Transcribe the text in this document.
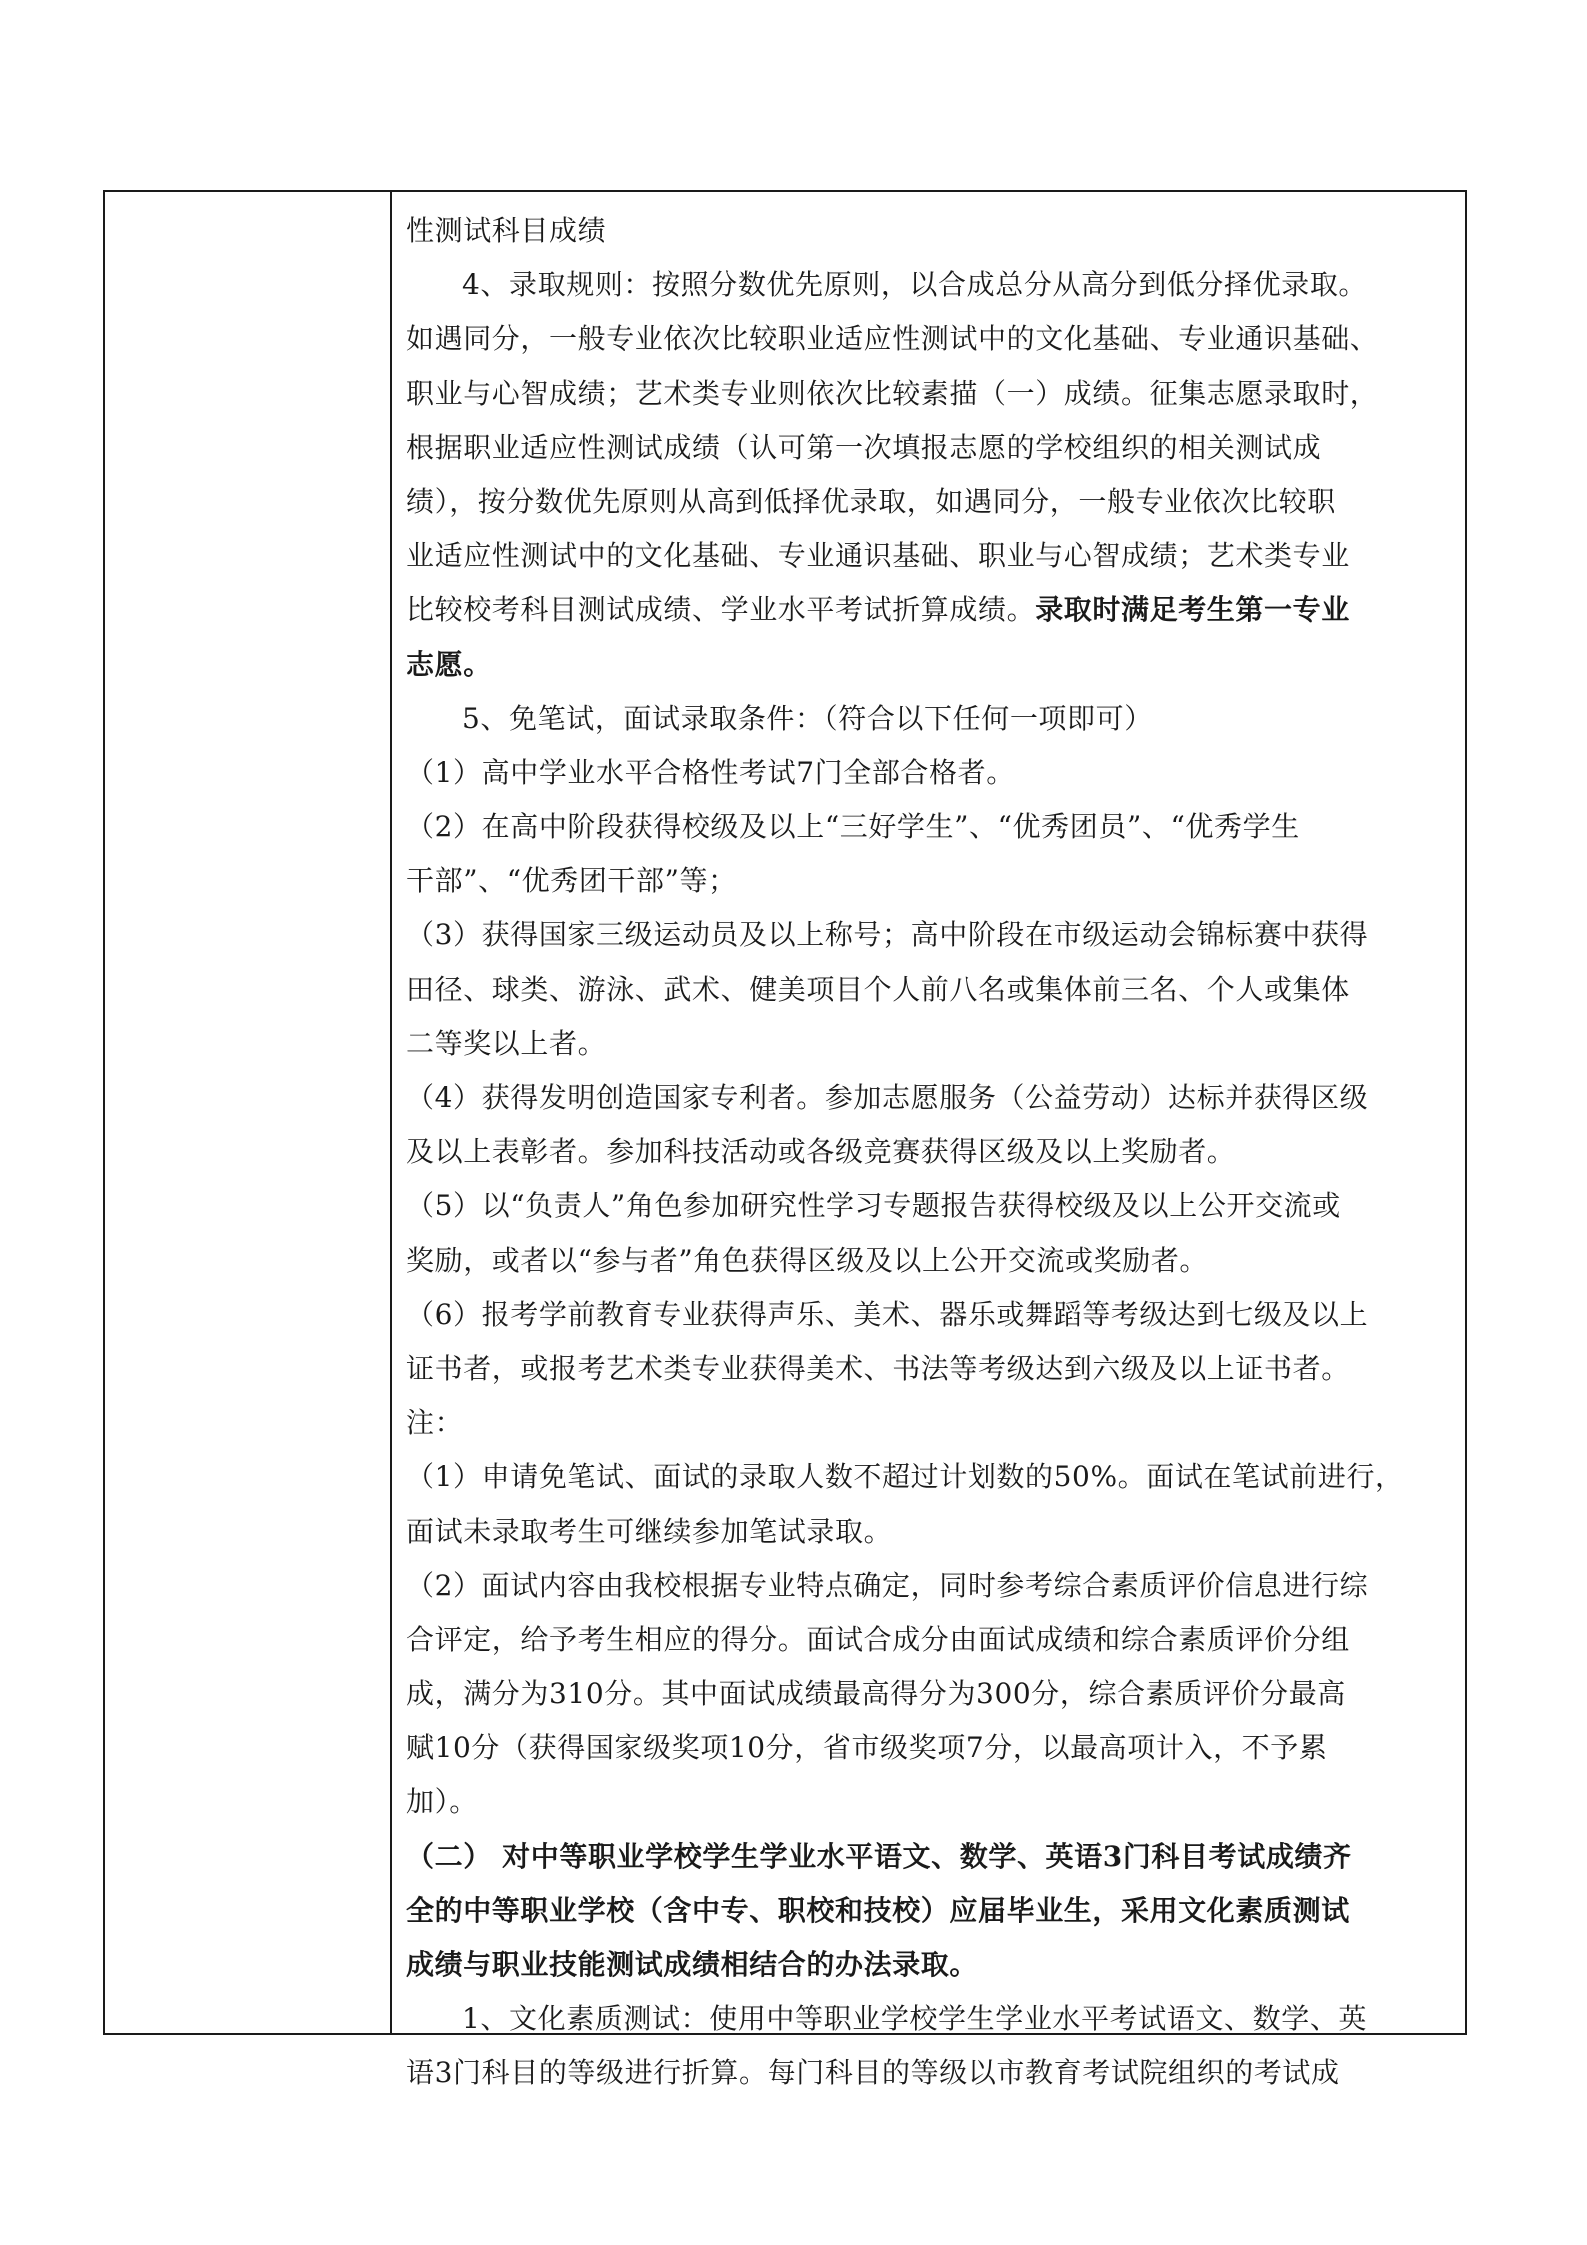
性测试科目成绩
4、录取规则：按照分数优先原则，以合成总分从高分到低分择优录取。
如遇同分，一般专业依次比较职业适应性测试中的文化基础、专业通识基础、
职业与心智成绩；艺术类专业则依次比较素描（一）成绩。征集志愿录取时，
根据职业适应性测试成绩（认可第一次填报志愿的学校组织的相关测试成
绩），按分数优先原则从高到低择优录取，如遇同分，一般专业依次比较职
业适应性测试中的文化基础、专业通识基础、职业与心智成绩；艺术类专业
比较校考科目测试成绩、学业水平考试折算成绩。录取时满足考生第一专业
志愿。
5、免笔试，面试录取条件：（符合以下任何一项即可）
（1）高中学业水平合格性考试7门全部合格者。
（2）在高中阶段获得校级及以上“三好学生”、“优秀团员”、“优秀学生
干部”、“优秀团干部”等；
（3）获得国家三级运动员及以上称号；高中阶段在市级运动会锦标赛中获得
田径、球类、游泳、武术、健美项目个人前八名或集体前三名、个人或集体
二等奖以上者。
（4）获得发明创造国家专利者。参加志愿服务（公益劳动）达标并获得区级
及以上表彰者。参加科技活动或各级竞赛获得区级及以上奖励者。
（5）以“负责人”角色参加研究性学习专题报告获得校级及以上公开交流或
奖励，或者以“参与者”角色获得区级及以上公开交流或奖励者。
（6）报考学前教育专业获得声乐、美术、器乐或舞蹈等考级达到七级及以上
证书者，或报考艺术类专业获得美术、书法等考级达到六级及以上证书者。
注：
（1）申请免笔试、面试的录取人数不超过计划数的50%。面试在笔试前进行，
面试未录取考生可继续参加笔试录取。
（2）面试内容由我校根据专业特点确定，同时参考综合素质评价信息进行综
合评定，给予考生相应的得分。面试合成分由面试成绩和综合素质评价分组
成，满分为310分。其中面试成绩最高得分为300分，综合素质评价分最高
赋10分（获得国家级奖项10分，省市级奖项7分，以最高项计入，不予累
加）。
（二） 对中等职业学校学生学业水平语文、数学、英语3门科目考试成绩齐
全的中等职业学校（含中专、职校和技校）应届毕业生，采用文化素质测试
成绩与职业技能测试成绩相结合的办法录取。
1、文化素质测试：使用中等职业学校学生学业水平考试语文、数学、英
语3门科目的等级进行折算。每门科目的等级以市教育考试院组织的考试成
